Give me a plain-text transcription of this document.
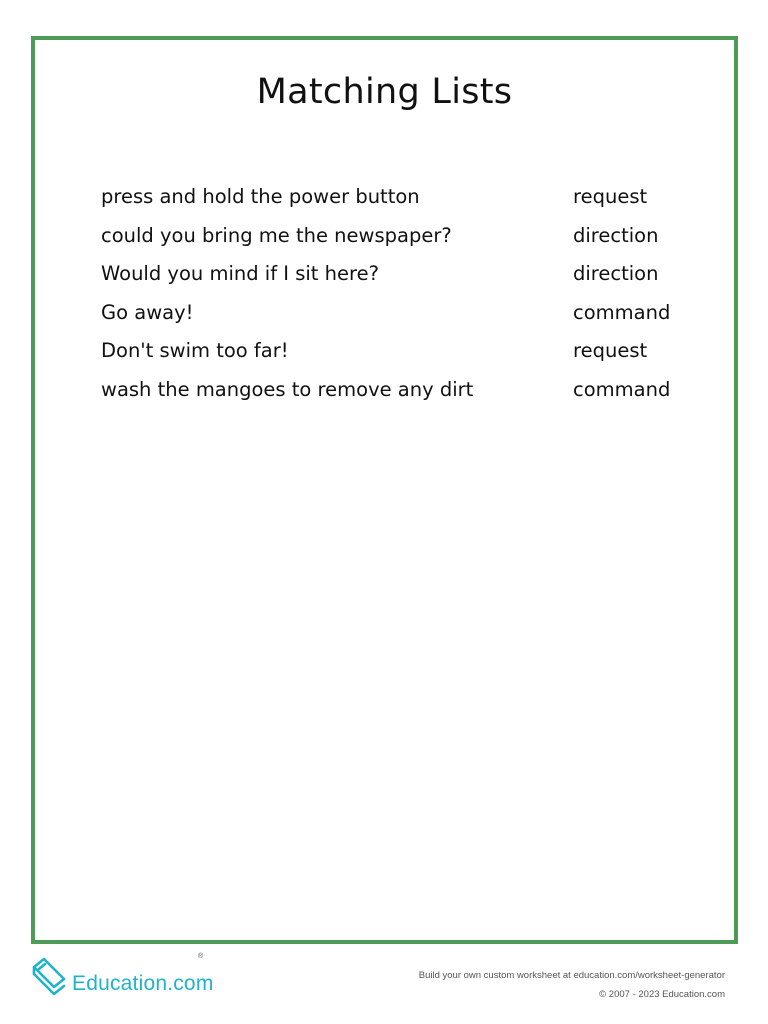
Matching Lists
press and hold the power button	request
could you bring me the newspaper?	direction
Would you mind if I sit here?	direction
Go away!	command
Don't swim too far!	request
wash the mangoes to remove any dirt	command
Education.com
®
Build your own custom worksheet at education.com/worksheet-generator
© 2007 - 2023 Education.com
